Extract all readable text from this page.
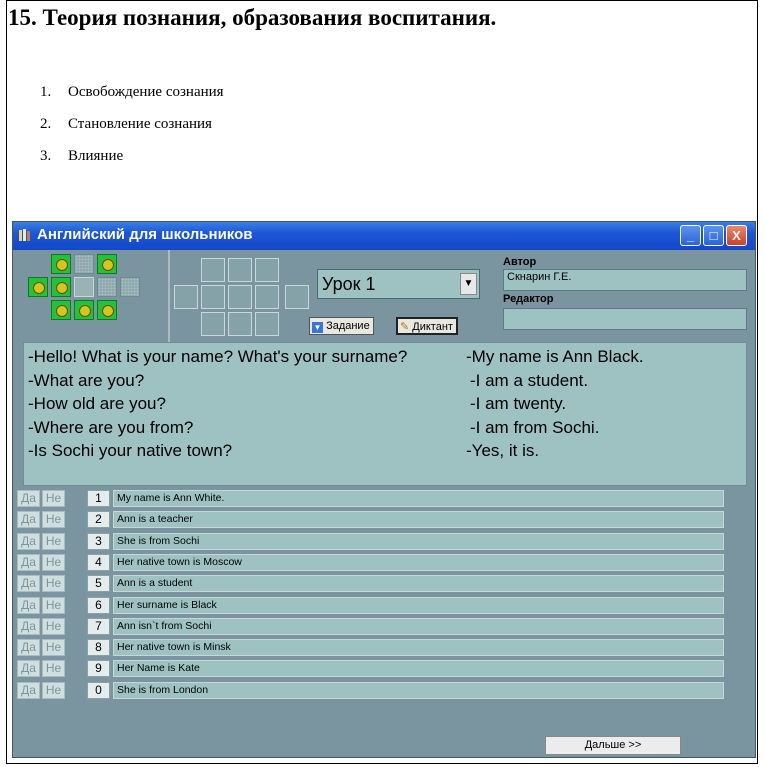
15. Теория познания, образования воспитания.
1.	Освобождение сознания
2.	Становление сознания
3.	Влияние
Английский для школьников	_	□	X
Урок 1	▼
▼ Задание	✎ Диктант
Автор
Скнарин Г.Е.
Редактор
-Hello! What is your name? What's your surname?	-My name is Ann Black.
-What are you?	-I am a student.
-How old are you?	-I am twenty.
-Where are you from?	-I am from Sochi.
-Is Sochi your native town?	-Yes, it is.
Да Не	1	My name is Ann White.
Да Не	2	Ann is a teacher
Да Не	3	She is from Sochi
Да Не	4	Her native town is Moscow
Да Не	5	Ann is a student
Да Не	6	Her surname is Black
Да Не	7	Ann isn`t from Sochi
Да Не	8	Her native town is Minsk
Да Не	9	Her Name is Kate
Да Не	0	She is from London
Дальше >>
